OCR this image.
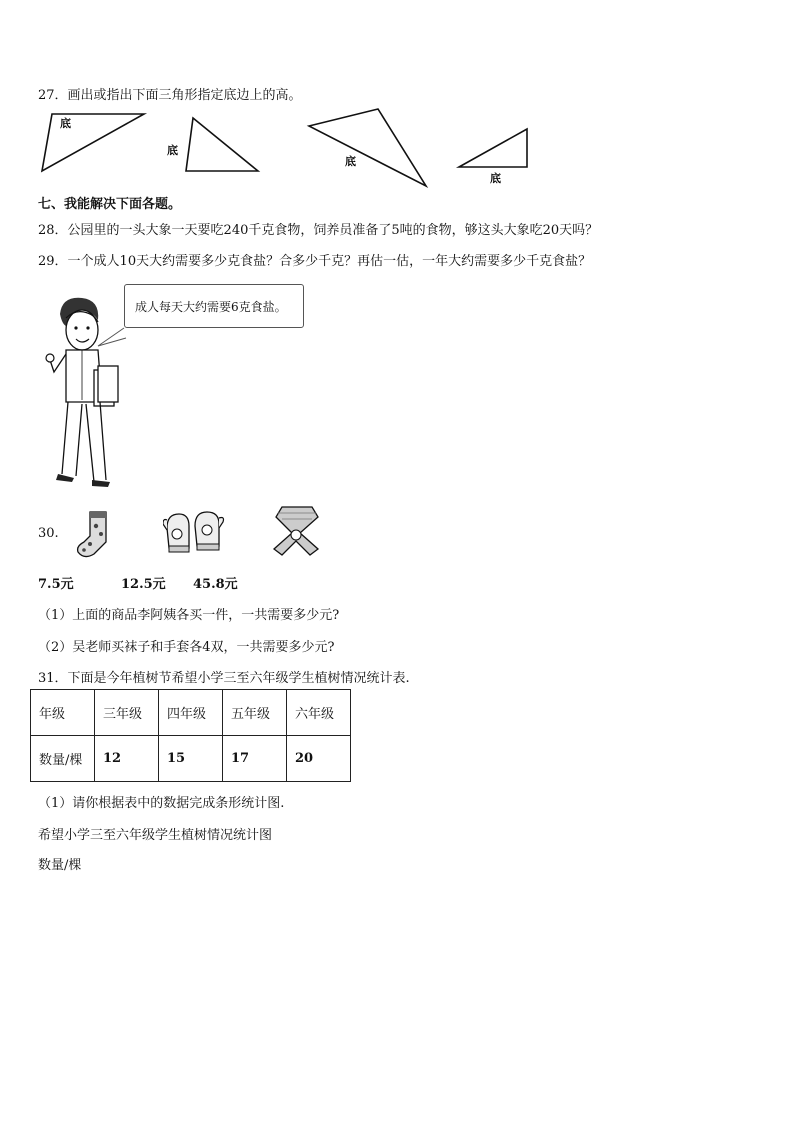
27．画出或指出下面三角形指定底边上的高。
底
底
底
底
七、我能解决下面各题。
28．公园里的一头大象一天要吃240千克食物，饲养员准备了5吨的食物，够这头大象吃20天吗？
29．一个成人10天大约需要多少克食盐？合多少千克？再估一估，一年大约需要多少千克食盐？
成人每天大约需要6克食盐。
30.
7.5元	12.5元 45.8元
（1）上面的商品李阿姨各买一件，一共需要多少元?
（2）吴老师买袜子和手套各4双，一共需要多少元?
31．下面是今年植树节希望小学三至六年级学生植树情况统计表.
年级	三年级	四年级	五年级	六年级
数量/棵	12	15	17	20
（1）请你根据表中的数据完成条形统计图.
希望小学三至六年级学生植树情况统计图
数量/棵
